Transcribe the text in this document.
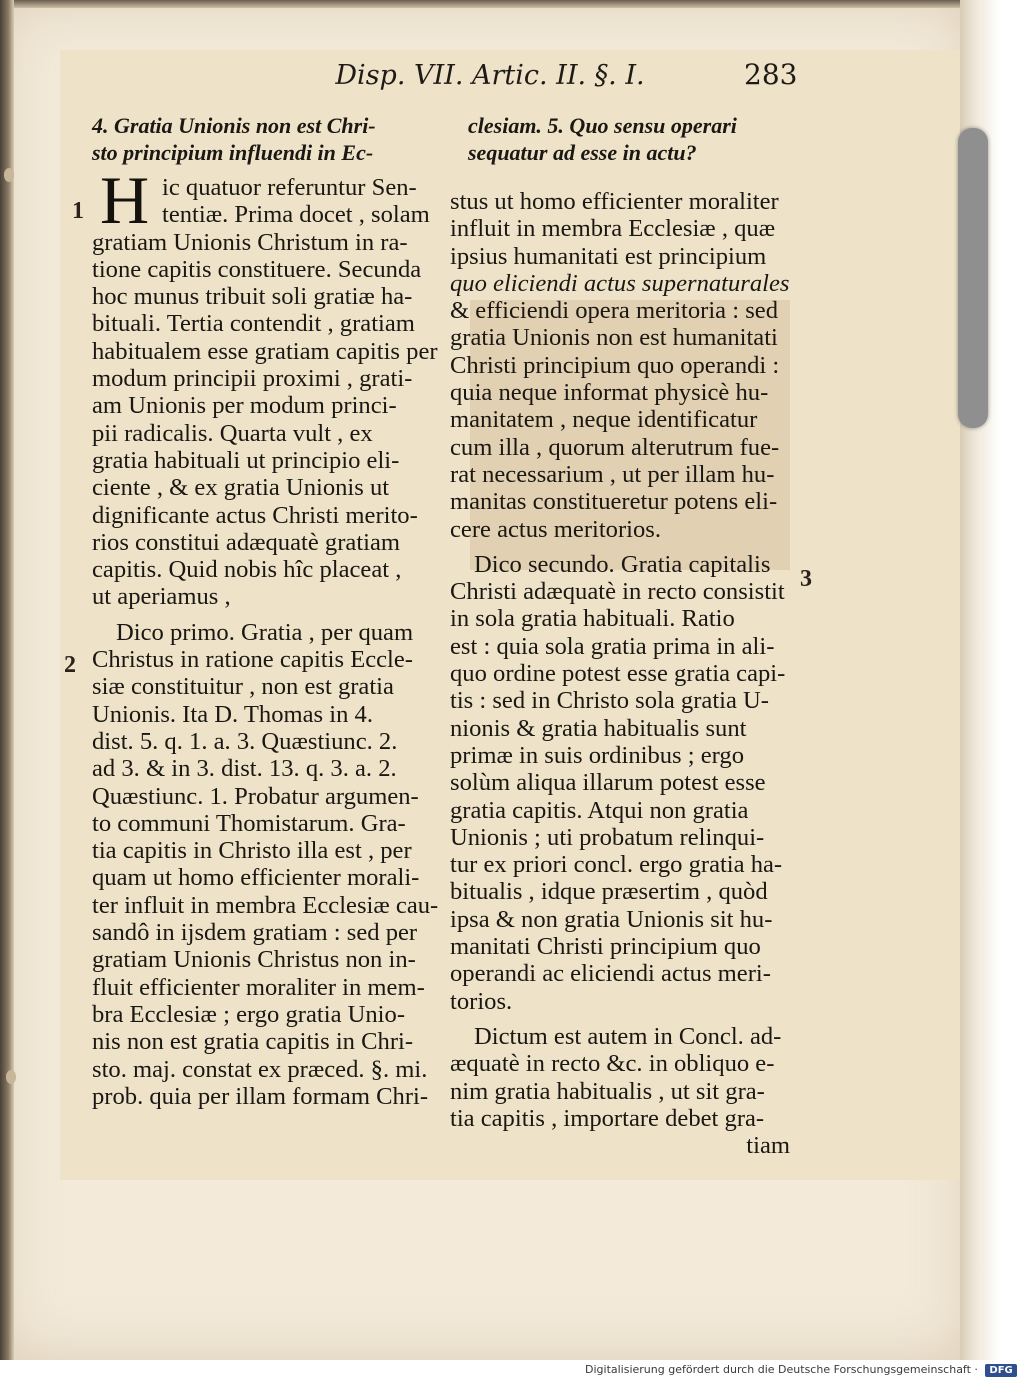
Disp. VII. Artic. II. §. I.	283
1
2
3
4. Gratia Unionis non est Chri-
sto principium influendi in Ec-
H ic quatuor referuntur Sen-
tentiæ. Prima docet , solam
gratiam Unionis Christum in ra-
tione capitis constituere. Secunda
hoc munus tribuit soli gratiæ ha-
bituali. Tertia contendit , gratiam
habitualem esse gratiam capitis per
modum principii proximi , grati-
am Unionis per modum princi-
pii radicalis. Quarta vult , ex
gratia habituali ut principio eli-
ciente , & ex gratia Unionis ut
dignificante actus Christi merito-
rios constitui adæquatè gratiam
capitis. Quid nobis hîc placeat ,
ut aperiamus ,
Dico primo. Gratia , per quam
Christus in ratione capitis Eccle-
siæ constituitur , non est gratia
Unionis. Ita D. Thomas in 4.
dist. 5. q. 1. a. 3. Quæstiunc. 2.
ad 3. & in 3. dist. 13. q. 3. a. 2.
Quæstiunc. 1. Probatur argumen-
to communi Thomistarum. Gra-
tia capitis in Christo illa est , per
quam ut homo efficienter morali-
ter influit in membra Ecclesiæ cau-
sandô in ijsdem gratiam : sed per
gratiam Unionis Christus non in-
fluit efficienter moraliter in mem-
bra Ecclesiæ ; ergo gratia Unio-
nis non est gratia capitis in Chri-
sto. maj. constat ex præced. §. mi.
prob. quia per illam formam Chri-
clesiam. 5. Quo sensu operari
sequatur ad esse in actu?
stus ut homo efficienter moraliter
influit in membra Ecclesiæ , quæ
ipsius humanitati est principium
quo eliciendi actus supernaturales
& efficiendi opera meritoria : sed
gratia Unionis non est humanitati
Christi principium quo operandi :
quia neque informat physicè hu-
manitatem , neque identificatur
cum illa , quorum alterutrum fue-
rat necessarium , ut per illam hu-
manitas constitueretur potens eli-
cere actus meritorios.
Dico secundo. Gratia capitalis
Christi adæquatè in recto consistit
in sola gratia habituali. Ratio
est : quia sola gratia prima in ali-
quo ordine potest esse gratia capi-
tis : sed in Christo sola gratia U-
nionis & gratia habitualis sunt
primæ in suis ordinibus ; ergo
solùm aliqua illarum potest esse
gratia capitis. Atqui non gratia
Unionis ; uti probatum relinqui-
tur ex priori concl. ergo gratia ha-
bitualis , idque præsertim , quòd
ipsa & non gratia Unionis sit hu-
manitati Christi principium quo
operandi ac eliciendi actus meri-
torios.
Dictum est autem in Concl. ad-
æquatè in recto &c. in obliquo e-
nim gratia habitualis , ut sit gra-
tia capitis , importare debet gra-
tiam
Digitalisierung gefördert durch die Deutsche Forschungsgemeinschaft · DFG
